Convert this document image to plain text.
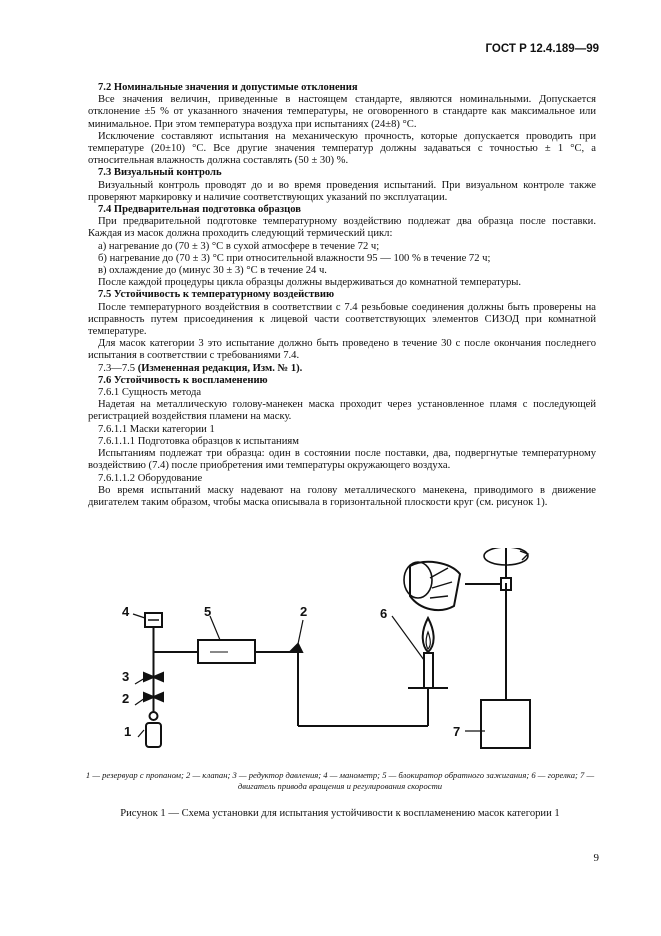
ГОСТ Р 12.4.189—99

7.2 Номинальные значения и допустимые отклонения

Все значения величин, приведенные в настоящем стандарте, являются номинальными. Допускается отклонение ±5 % от указанного значения температуры, не оговоренного в стандарте как максимальное или минимальное. При этом температура воздуха при испытаниях (24±8) °С.

Исключение составляют испытания на механическую прочность, которые допускается проводить при температуре (20±10) °С. Все другие значения температур должны задаваться с точностью ± 1 °С, а относительная влажность должна составлять (50 ± 30) %.

7.3 Визуальный контроль

Визуальный контроль проводят до и во время проведения испытаний. При визуальном контроле также проверяют маркировку и наличие соответствующих указаний по эксплуатации.

7.4 Предварительная подготовка образцов

При предварительной подготовке температурному воздействию подлежат два образца после поставки. Каждая из масок должна проходить следующий термический цикл:

а) нагревание до (70 ± 3) °С в сухой атмосфере в течение 72 ч;

б) нагревание до (70 ± 3) °С при относительной влажности 95 — 100 % в течение 72 ч;

в) охлаждение до (минус 30 ± 3) °С в течение 24 ч.

После каждой процедуры цикла образцы должны выдерживаться до комнатной температуры.

7.5 Устойчивость к температурному воздействию

После температурного воздействия в соответствии с 7.4 резьбовые соединения должны быть проверены на исправность путем присоединения к лицевой части соответствующих элементов СИЗОД при комнатной температуре.

Для масок категории 3 это испытание должно быть проведено в течение 30 с после окончания последнего испытания в соответствии с требованиями 7.4.

7.3—7.5 (Измененная редакция, Изм. № 1).

7.6 Устойчивость к воспламенению

7.6.1 Сущность метода

Надетая на металлическую голову-манекен маска проходит через установленное пламя с последующей регистрацией воздействия пламени на маску.

7.6.1.1 Маски категории 1

7.6.1.1.1 Подготовка образцов к испытаниям

Испытаниям подлежат три образца: один в состоянии после поставки, два, подвергнутые температурному воздействию (7.4) после приобретения ими температуры окружающего воздуха.

7.6.1.1.2 Оборудование

Во время испытаний маску надевают на голову металлического манекена, приводимого в движение двигателем таким образом, чтобы маска описывала в горизонтальной плоскости круг (см. рисунок 1).

1
2
3
4	5	2	6
7
1 — резервуар с пропаном; 2 — клапан; 3 — редуктор давления; 4 — манометр; 5 — блокиратор обратного зажигания; 6 — горелка; 7 — двигатель привода вращения и регулирования скорости
Рисунок 1 — Схема установки для испытания устойчивости к воспламенению масок категории 1
9
